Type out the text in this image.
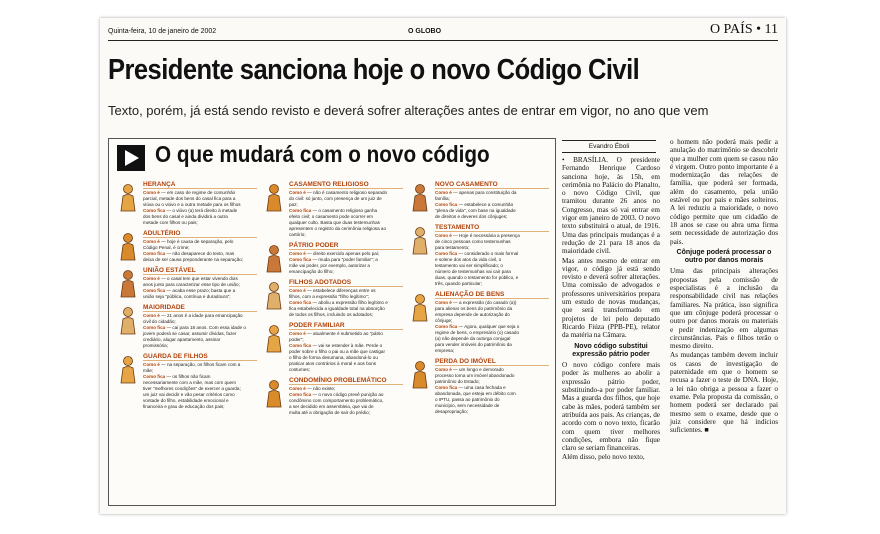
Quinta-feira, 10 de janeiro de 2002	O GLOBO	O PAÍS • 11
Presidente sanciona hoje o novo Código Civil
Texto, porém, já está sendo revisto e deverá sofrer alterações antes de entrar em vigor, no ano que vem
O que mudará com o novo código
HERANÇA
Como é — em caso de regime de comunhão
parcial, metade dos bens do casal fica para a
viúva ou o viúvo e a outra metade para os filhos
Como fica — o viúvo (a) terá direito à metade
dos bens do casal e ainda dividirá a outra
metade com filhos ou pais;
ADULTÉRIO
Como é — hoje é causa de separação, pelo
Código Penal, é crime;
Como fica — não desaparece do texto, mas
deixa de ser causa preponderante na separação;
UNIÃO ESTÁVEL
Como é — o casal tem que estar vivendo dois
anos junto para caracterizar esse tipo de união;
Como fica — acaba esse prazo; basta que a
união seja "pública, contínua e duradoura";
MAIORIDADE
Como é — 21 anos é a idade para emancipação
civil do cidadão;
Como fica — cai para 18 anos. Com essa idade o
jovem poderá se casar, assumir dívidas, fazer
crediário, alugar apartamento, assinar
promissória;
GUARDA DE FILHOS
Como é — na separação, os filhos ficam com a
mãe;
Como fica — os filhos não ficam
necessariamente com a mãe, mas com quem
tiver "melhores condições" de exercer a guarda;
um juiz vai decidir e vão pesar critérios como
vontade do filho, estabilidade emocional e
financeira e grau de educação dos pais;
CASAMENTO RELIGIOSO
Como é — não é casamento religioso separado
do civil: só junto, com presença de um juiz de
paz;
Como fica — o casamento religioso ganha
efeito civil; o casamento pode ocorrer em
qualquer culto. Basta que duas testemunhas
apresentem o registro da cerimônia religiosa ao cartório;
PÁTRIO PODER
Como é — direito exercido apenas pelo pai;
Como fica — muda para "poder familiar"; a
mãe vai poder, por exemplo, autorizar a
emancipação do filho;
FILHOS ADOTADOS
Como é — estabelece diferenças entre os
filhos, com a expressão "filho legítimo";
Como fica — aboliu a expressão filho legítimo e
fica estabelecida a igualdade total na absorção
de todos os filhos, incluindo os adotados;
PODER FAMILIAR
Como é — atualmente é submetido ao "pátrio
poder";
Como fica — vai se estender à mãe. Perde o
poder sobre o filho o pai ou a mãe que castigar
o filho de forma desumana, abandoná-lo ou
praticar atos contrários à moral e aos bons
costumes;
CONDOMÍNIO PROBLEMÁTICO
Como é — não existe;
Como fica — o novo código prevê punição ao
condômino com comportamento problemático,
a ser decidido em assembleia, que vai de
multa até a obrigação de sair do prédio;
NOVO CASAMENTO
Como é — apenas para constituição da
família;
Como fica — estabelece a comunhão
"plena de vida", com base na igualdade
de direitos e deveres dos cônjuges;
TESTAMENTO
Como é — Hoje é necessária a presença
de cinco pessoas como testemunhas
para testamento;
Como fica — considerado o mais formal
e solene dos atos da vida civil, o
testamento vai ser simplificado; o
número de testemunhas vai cair para
duas, quando o testamento for público, e
três, quando particular;
ALIENAÇÃO DE BENS
Como é — a expressão (do casado (a))
para alienar os bens do patrimônio da
empresa depende de autorização do
cônjuge;
Como fica — Agora, qualquer que seja o
regime de bens, o empresário (o) casado
(a) não depende da outorga conjugal
para vender imóveis do patrimônio da
empresa;
PERDA DO IMÓVEL
Como é — um longo e demorado
processo torna um imóvel abandonado
patrimônio do Estado;
Como fica — uma casa fechada e
abandonada, que esteja em débito com
o IPTU, passa ao patrimônio do
município, sem necessidade de
desapropriação;
Evandro Éboli

• BRASÍLIA. O presidente Fernando Henrique Cardoso sanciona hoje, às 15h, em cerimônia no Palácio do Planalto, o novo Código Civil, que tramitou durante 26 anos no Congresso, mas só vai entrar em vigor em janeiro de 2003. O novo texto substituirá o atual, de 1916. Uma das principais mudanças é a redução de 21 para 18 anos da maioridade civil.

Mas antes mesmo de entrar em vigor, o código já está sendo revisto e deverá sofrer alterações. Uma comissão de advogados e professores universitários prepara um estudo de novas mudanças, que será transformado em projetos de lei pelo deputado Ricardo Fiúza (PPB-PE), relator da matéria na Câmara.

Novo código substitui expressão pátrio poder

O novo código confere mais poder às mulheres ao abolir a expressão pátrio poder, substituindo-a por poder familiar. Mas a guarda dos filhos, que hoje cabe às mães, poderá também ser atribuída aos pais. As crianças, de acordo com o novo texto, ficarão com quem tiver melhores condições, embora não fique claro se seriam financeiras.

Além disso, pelo novo texto,

o homem não poderá mais pedir a anulação do matrimônio se descobrir que a mulher com quem se casou não é virgem. Outro ponto importante é a modernização das relações de família, que poderá ser formada, além do casamento, pela união estável ou por pais e mães solteiros. A lei reduziu a maioridade, o novo código permite que um cidadão de 18 anos se case ou abra uma firma sem necessidade de autorização dos pais.

Cônjuge poderá processar o outro por danos morais

Uma das principais alterações propostas pela comissão de especialistas é a inclusão da responsabilidade civil nas relações familiares. Na prática, isso significa que um cônjuge poderá processar o outro por danos morais ou materiais e pedir indenização em algumas circunstâncias. Pais e filhos terão o mesmo direito.

As mudanças também devem incluir os casos de investigação de paternidade em que o homem se recusa a fazer o teste de DNA. Hoje, a lei não obriga a pessoa a fazer o exame. Pela proposta da comissão, o homem poderá ser declarado pai mesmo sem o exame, desde que o juiz considere que há indícios suficientes. ■
